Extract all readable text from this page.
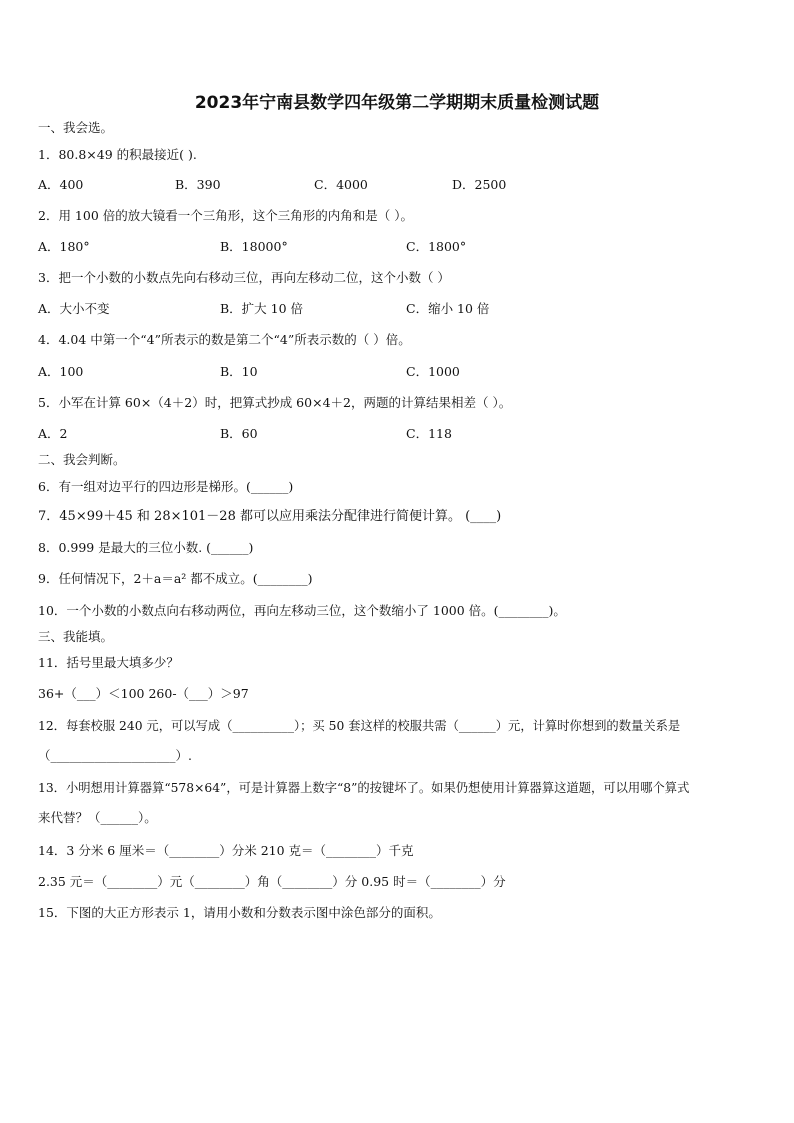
2023年宁南县数学四年级第二学期期末质量检测试题
一、我会选。
1．80.8×49 的积最接近( ).
A．400	B．390	C．4000	D．2500
2．用 100 倍的放大镜看一个三角形，这个三角形的内角和是（ ）。
A．180°	B．18000°	C．1800°
3．把一个小数的小数点先向右移动三位，再向左移动二位，这个小数（ ）
A．大小不变	B．扩大 10 倍	C．缩小 10 倍
4．4.04 中第一个“4”所表示的数是第二个“4”所表示数的（ ）倍。
A．100	B．10	C．1000
5．小军在计算 60×（4＋2）时，把算式抄成 60×4＋2，两题的计算结果相差（ ）。
A．2	B．60	C．118
二、我会判断。
6．有一组对边平行的四边形是梯形。(______)
7．45×99＋45 和 28×101－28 都可以应用乘法分配律进行简便计算。 (____)
8．0.999 是最大的三位小数. (______)
9．任何情况下，2＋a＝a² 都不成立。(________)
10．一个小数的小数点向右移动两位，再向左移动三位，这个数缩小了 1000 倍。(________)。
三、我能填。
11．括号里最大填多少？
36+（___）＜100 260-（___）＞97
12．每套校服 240 元，可以写成（__________）；买 50 套这样的校服共需（______）元，计算时你想到的数量关系是
（____________________）.
13．小明想用计算器算“578×64”，可是计算器上数字“8”的按键坏了。如果仍想使用计算器算这道题，可以用哪个算式
来代替？（______）。
14．3 分米 6 厘米＝（________）分米 210 克＝（________）千克
2.35 元＝（________）元（________）角（________）分 0.95 时＝（________）分
15．下图的大正方形表示 1，请用小数和分数表示图中涂色部分的面积。
